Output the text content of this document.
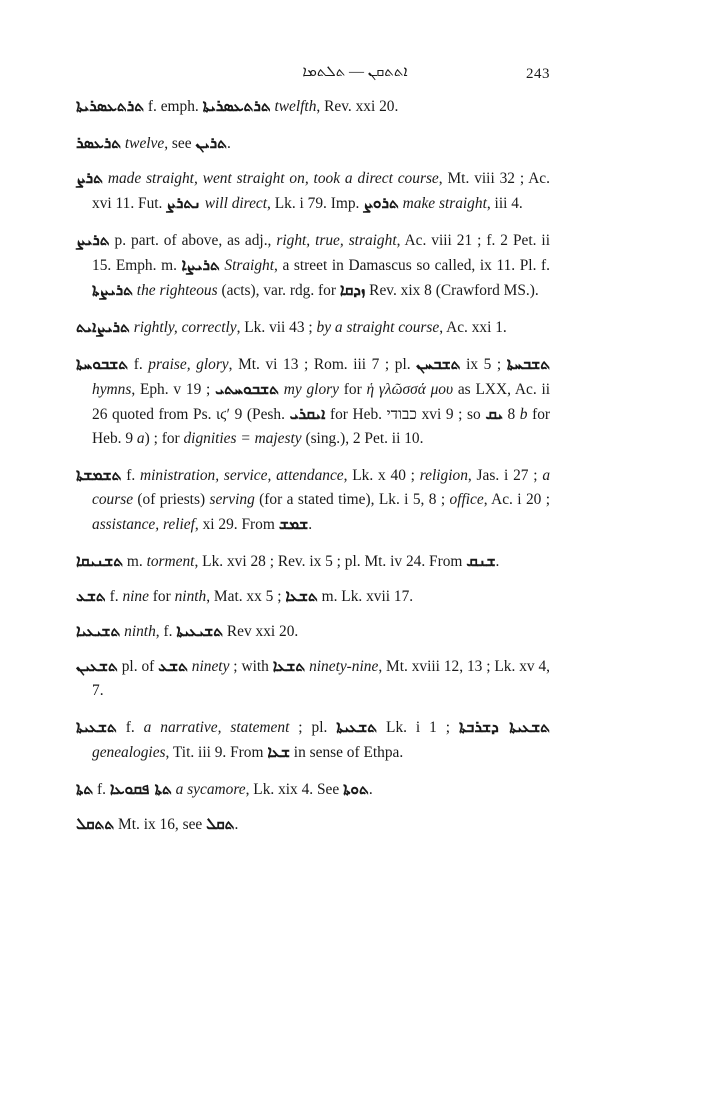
ܐܬܬܩܢ — ܬܠܬܡܐ	243

ܬܪܬܥܣܪܝܬܐ f. emph. ܬܪܬܥܣܪܝܬܐ twelfth, Rev. xxi 20.

ܬܪܥܣܪ twelve, see ܬܪܝܢ.

ܬܪܨ made straight, went straight on, took a direct course, Mt. viii 32 ; Ac. xvi 11. Fut. ܢܬܪܨ will direct, Lk. i 79. Imp. ܬܪܘܨ make straight, iii 4.

ܬܪܝܨ p. part. of above, as adj., right, true, straight, Ac. viii 21 ; f. 2 Pet. ii 15. Emph. m. ܬܪܝܨܐ Straight, a street in Damascus so called, ix 11. Pl. f. ܬܪܝܨܬܐ the righteous (acts), var. rdg. for ܙܕܩܐ Rev. xix 8 (Crawford MS.).

ܬܪܝܨܐܝܬ rightly, correctly, Lk. vii 43 ; by a straight course, Ac. xxi 1.

ܬܫܒܘܚܬܐ f. praise, glory, Mt. vi 13 ; Rom. iii 7 ; pl. ܬܫܒܚܢ ix 5 ; ܬܫܒܚܬܐ hymns, Eph. v 19 ; ܬܫܒܘܚܬܝ my glory for ἡ γλῶσσά μου as LXX, Ac. ii 26 quoted from Ps. ιϛʹ 9 (Pesh. ܐܝܩܪܝ for Heb. כבודי xvi 9 ; so ܝܩ 8 b for Heb. 9 a) ; for dignities = majesty (sing.), 2 Pet. ii 10.

ܬܫܡܫܬܐ f. ministration, service, attendance, Lk. x 40 ; religion, Jas. i 27 ; a course (of priests) serving (for a stated time), Lk. i 5, 8 ; office, Ac. i 20 ; assistance, relief, xi 29. From ܫܡܫ.

ܬܫܢܝܩܐ m. torment, Lk. xvi 28 ; Rev. ix 5 ; pl. Mt. iv 24. From ܫܢܩ.

ܬܫܥ f. nine for ninth, Mat. xx 5 ; ܬܫܥܐ m. Lk. xvii 17.

ܬܫܝܥܝܐ ninth, f. ܬܫܝܥܝܬܐ Rev xxi 20.

ܬܫܥܝܢ pl. of ܬܫܥ ninety ; with ܬܫܥܐ ninety-nine, Mt. xviii 12, 13 ; Lk. xv 4, 7.

ܬܫܥܝܬܐ f. a narrative, statement ; pl. ܬܫܥܝܬܐ Lk. i 1 ; ܬܫܥܝܬܐ ܕܫܪܒܬܐ genealogies, Tit. iii 9. From ܫܥܐ in sense of Ethpa.

ܬܬܐ f. ܬܬܐ ܦܩܘܥܐ a sycamore, Lk. xix 4. See ܬܘܬܐ.

ܬܬܩܠ Mt. ix 16, see ܬܩܠ.
